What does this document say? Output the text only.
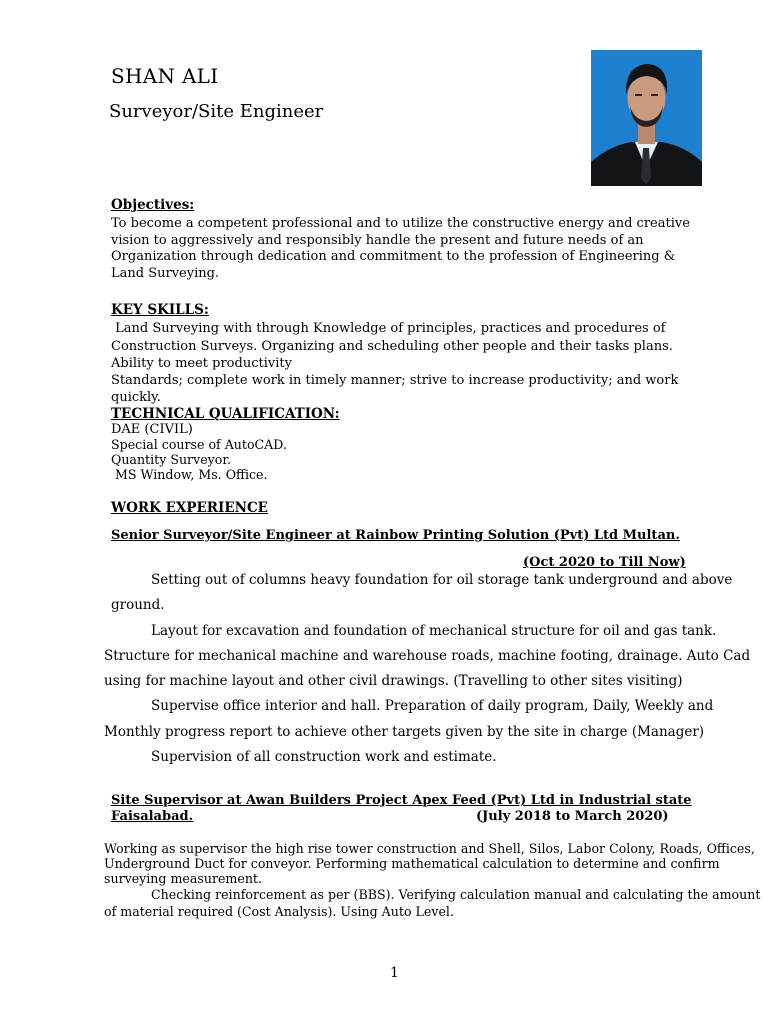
SHAN ALI
Surveyor/Site Engineer
Objectives:
To become a competent professional and to utilize the constructive energy and creative
vision to aggressively and responsibly handle the present and future needs of an
Organization through dedication and commitment to the profession of Engineering &
Land Surveying.
KEY SKILLS:
Land Surveying with through Knowledge of principles, practices and procedures of
Construction Surveys. Organizing and scheduling other people and their tasks plans.
Ability to meet productivity
Standards; complete work in timely manner; strive to increase productivity; and work
quickly.
TECHNICAL QUALIFICATION:
DAE (CIVIL)
Special course of AutoCAD.
Quantity Surveyor.
MS Window, Ms. Office.
WORK EXPERIENCE
Senior Surveyor/Site Engineer at Rainbow Printing Solution (Pvt) Ltd Multan.
(Oct 2020 to Till Now)
Setting out of columns heavy foundation for oil storage tank underground and above
ground.
Layout for excavation and foundation of mechanical structure for oil and gas tank.
Structure for mechanical machine and warehouse roads, machine footing, drainage. Auto Cad
using for machine layout and other civil drawings. (Travelling to other sites visiting)
Supervise office interior and hall. Preparation of daily program, Daily, Weekly and
Monthly progress report to achieve other targets given by the site in charge (Manager)
Supervision of all construction work and estimate.
Site Supervisor at Awan Builders Project Apex Feed (Pvt) Ltd in Industrial state
Faisalabad.	(July 2018 to March 2020)
Working as supervisor the high rise tower construction and Shell, Silos, Labor Colony, Roads, Offices,
Underground Duct for conveyor. Performing mathematical calculation to determine and confirm
surveying measurement.
Checking reinforcement as per (BBS). Verifying calculation manual and calculating the amount
of material required (Cost Analysis). Using Auto Level.
1
